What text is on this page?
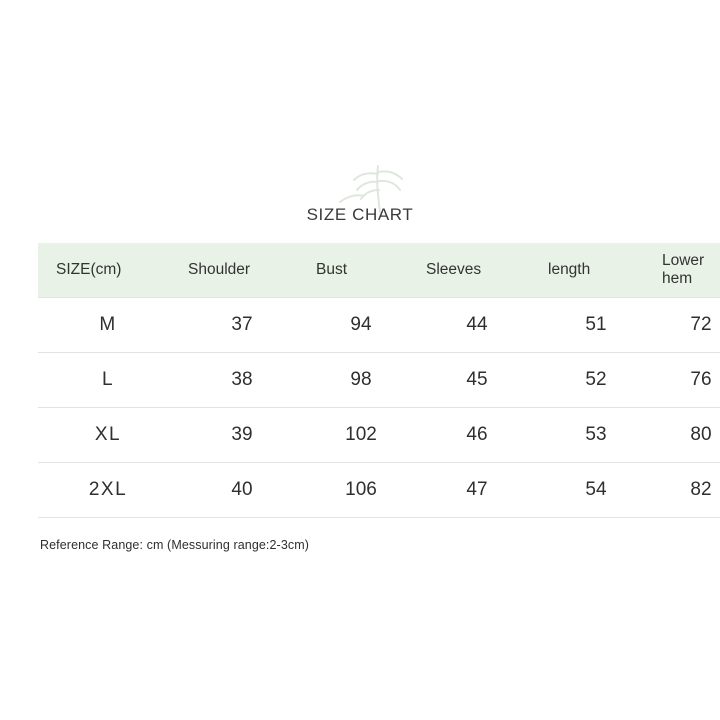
SIZE CHART
SIZE(cm)	Shoulder	Bust	Sleeves	length	Lower
hem
M	37	94	44	51	72
L	38	98	45	52	76
XL	39	102	46	53	80
2XL	40	106	47	54	82
Reference Range: cm (Messuring range:2-3cm)
